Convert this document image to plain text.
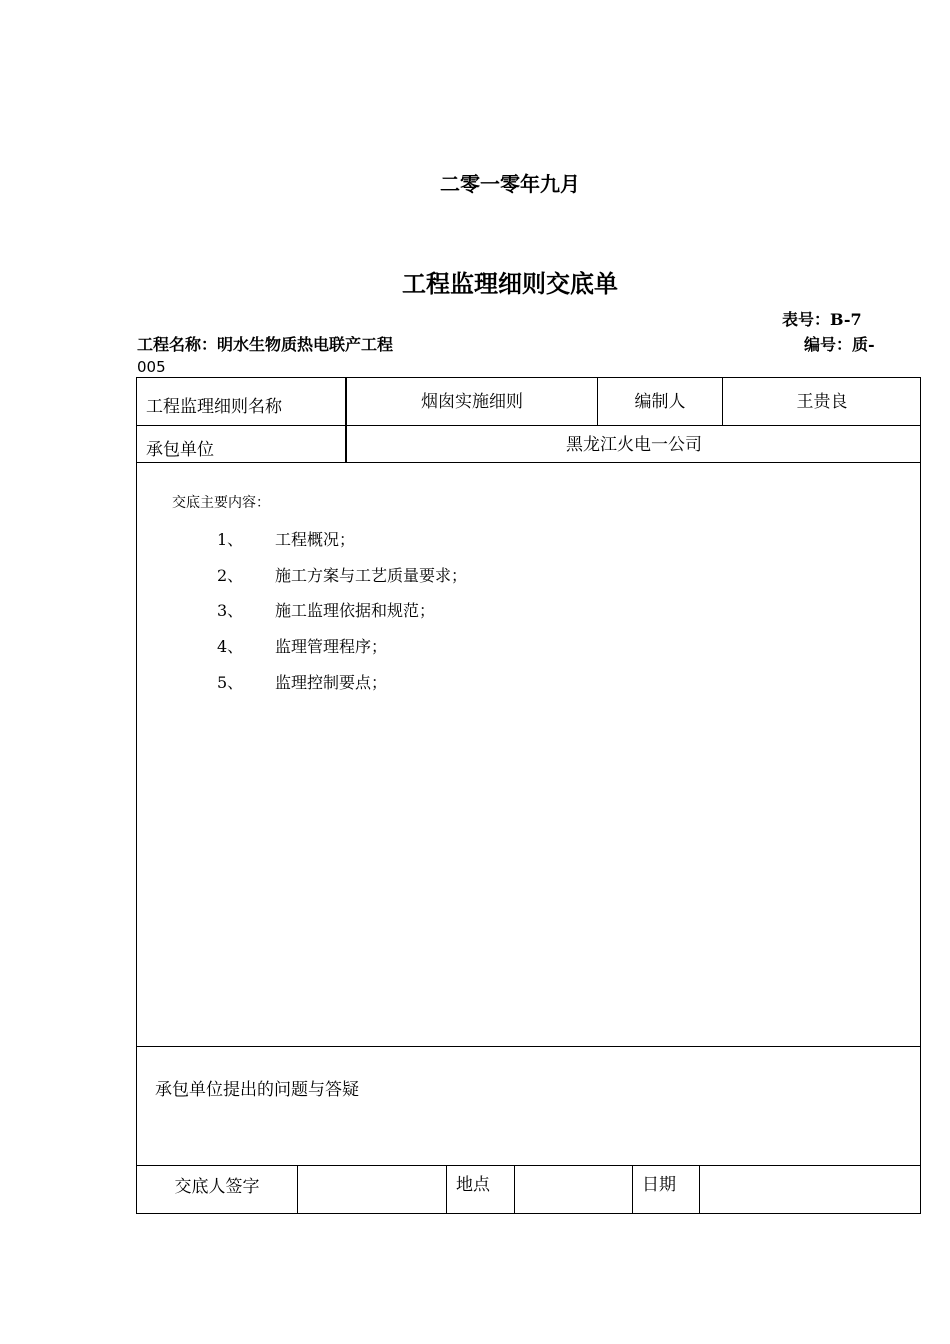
二零一零年九月
工程监理细则交底单
表号：B-7
工程名称：明水生物质热电联产工程	编号：质-
005
工程监理细则名称	烟囱实施细则	编制人	王贵良
承包单位	黑龙江火电一公司
交底主要内容：
1、 工程概况；
2、 施工方案与工艺质量要求；
3、 施工监理依据和规范；
4、 监理管理程序；
5、 监理控制要点；
承包单位提出的问题与答疑
交底人签字	地点	日期
